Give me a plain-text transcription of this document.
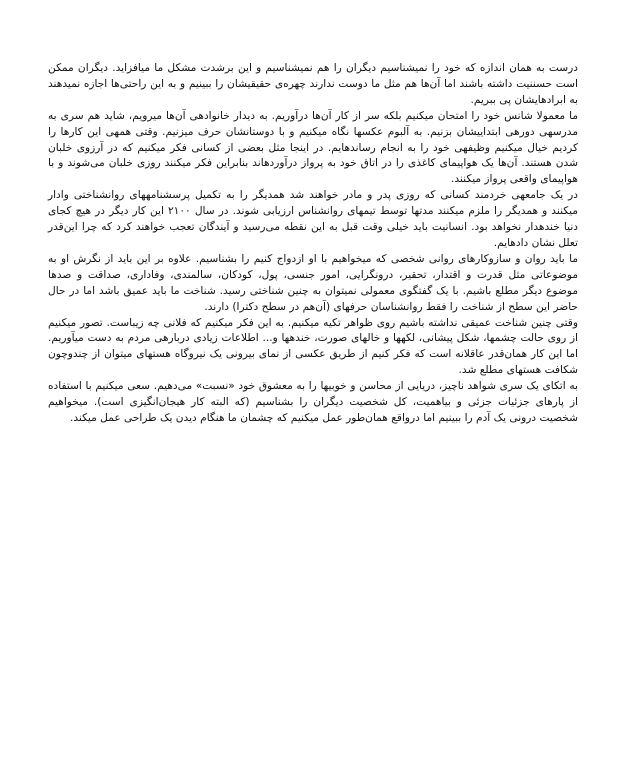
درست به همان اندازه که خود را نمیشناسیم دیگران را هم نمیشناسیم و این برشدت مشکل ما میافزاید. دیگران ممکن است حسننیت داشته باشند اما آن‌ها هم مثل ما دوست ندارند چهره‌ی حقیقیشان را ببینیم و به این راحتی‌ها اجازه نمیدهند به ابرادهایشان پی ببریم.

ما معمولا شانس خود را امتحان میکنیم بلکه سر از کار آن‌ها درآوریم. به دیدار خانوادهی آن‌ها میرویم، شاید هم سری به مدرسهی دورهی ابتداییشان بزنیم. به آلبوم عکسها نگاه میکنیم و با دوستانشان حرف میزنیم. وقتی همهی این کارها را کردیم خیال میکنیم وظیفهی خود را به انجام رساندهایم. در اینجا مثل بعضی از کسانی فکر میکنیم که در آرزوی خلبان شدن هستند. آن‌ها یک هواپیمای کاغذی را در اتاق خود به پرواز درآوردهاند بنابراین فکر میکنند روزی خلبان می‌شوند و با هواپیمای واقعی پرواز میکنند.

در یک جامعهی خردمند کسانی که روزی پدر و مادر خواهند شد همدیگر را به تکمیل پرسشنامههای روانشناختی وادار میکنند و همدیگر را ملزم میکنند مدتها توسط تیمهای روانشناس ارزیابی شوند. در سال ۲۱۰۰ این کار دیگر در هیچ کجای دنیا خندهدار نخواهد بود. انسانیت باید خیلی وقت قبل به این نقطه می‌رسید و آیندگان تعجب خواهند کرد که چرا این‌قدر تعلل نشان دادهایم.

ما باید روان و سازوکارهای روانی شخصی که میخواهیم با او ازدواج کنیم را بشناسیم. علاوه بر این باید از نگرش او به موضوعاتی مثل قدرت و اقتدار، تحقیر، درونگرایی، امور جنسی، پول، کودکان، سالمندی، وفاداری، صداقت و صدها موضوع دیگر مطلع باشیم. با یک گفتگوی معمولی نمیتوان به چنین شناختی رسید. شناخت ما باید عمیق باشد اما در حال حاضر این سطح از شناخت را فقط روانشناسان حرفهای (آن‌هم در سطح دکترا) دارند.

وقتی چنین شناخت عمیقی نداشته باشیم روی ظواهر تکیه میکنیم. به این فکر میکنیم که فلانی چه زیباست. تصور میکنیم از روی حالت چشمها، شکل پیشانی، لکهها و خالهای صورت، خندهها و... اطلاعات زیادی دربارهی مردم به دست میآوریم. اما این کار همان‌قدر عاقلانه است که فکر کنیم از طریق عکسی از نمای بیرونی یک نیروگاه هستهای میتوان از چندوچون شکافت هستهای مطلع شد.

به اتکای یک سری شواهد ناچیز، دریایی از محاسن و خوبیها را به معشوق خود «نسبت» می‌دهیم. سعی میکنیم با استفاده از پارهای جزئیات جزئی و بیاهمیت، کل شخصیت دیگران را بشناسیم (که البته کار هیجان‌انگیزی است). میخواهیم شخصیت درونی یک آدم را ببینیم اما درواقع همان‌طور عمل میکنیم که چشمان ما هنگام دیدن یک طراحی عمل میکند.
